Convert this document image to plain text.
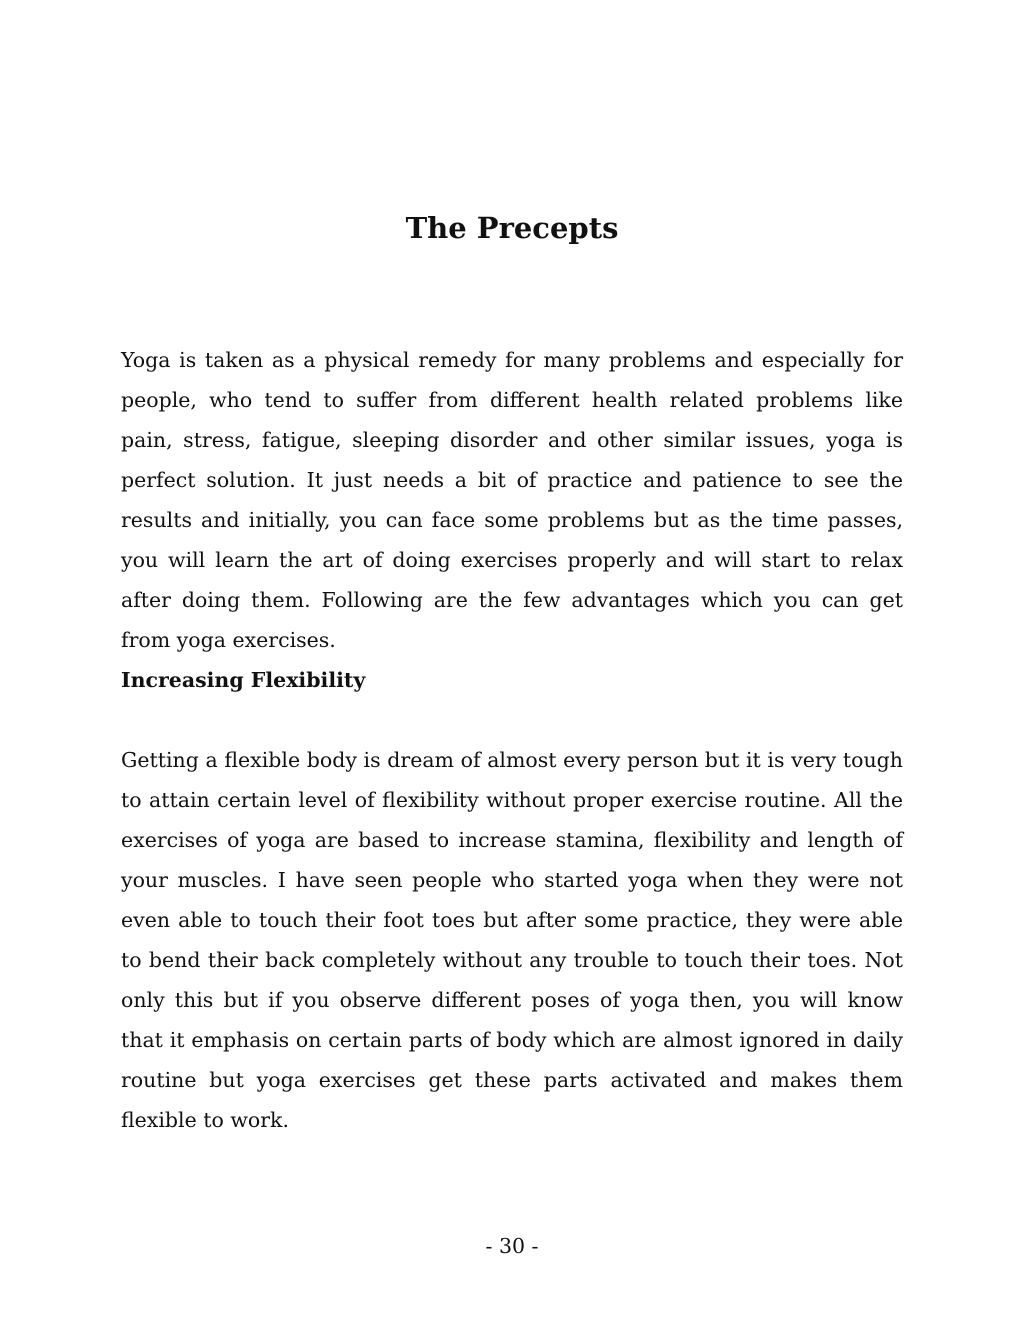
The Precepts

Yoga is taken as a physical remedy for many problems and especially for people, who tend to suffer from different health related problems like pain, stress, fatigue, sleeping disorder and other similar issues, yoga is perfect solution. It just needs a bit of practice and patience to see the results and initially, you can face some problems but as the time passes, you will learn the art of doing exercises properly and will start to relax after doing them. Following are the few advantages which you can get from yoga exercises.

Increasing Flexibility

Getting a flexible body is dream of almost every person but it is very tough to attain certain level of flexibility without proper exercise routine. All the exercises of yoga are based to increase stamina, flexibility and length of your muscles. I have seen people who started yoga when they were not even able to touch their foot toes but after some practice, they were able to bend their back completely without any trouble to touch their toes. Not only this but if you observe different poses of yoga then, you will know that it emphasis on certain parts of body which are almost ignored in daily routine but yoga exercises get these parts activated and makes them flexible to work.

- 30 -
